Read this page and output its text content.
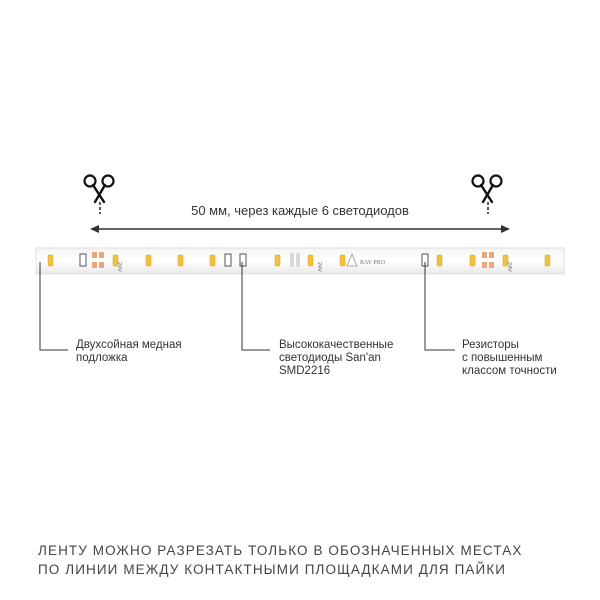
50 мм, через каждые 6 светодиодов
24V	24V	24V
RAY PRO
Двухсойная медная
подложка
Высококачественные
светодиоды San'an
SMD2216
Резисторы
с повышенным
классом точности
ЛЕНТУ МОЖНО РАЗРЕЗАТЬ ТОЛЬКО В ОБОЗНАЧЕННЫХ МЕСТАХ
ПО ЛИНИИ МЕЖДУ КОНТАКТНЫМИ ПЛОЩАДКАМИ ДЛЯ ПАЙКИ
